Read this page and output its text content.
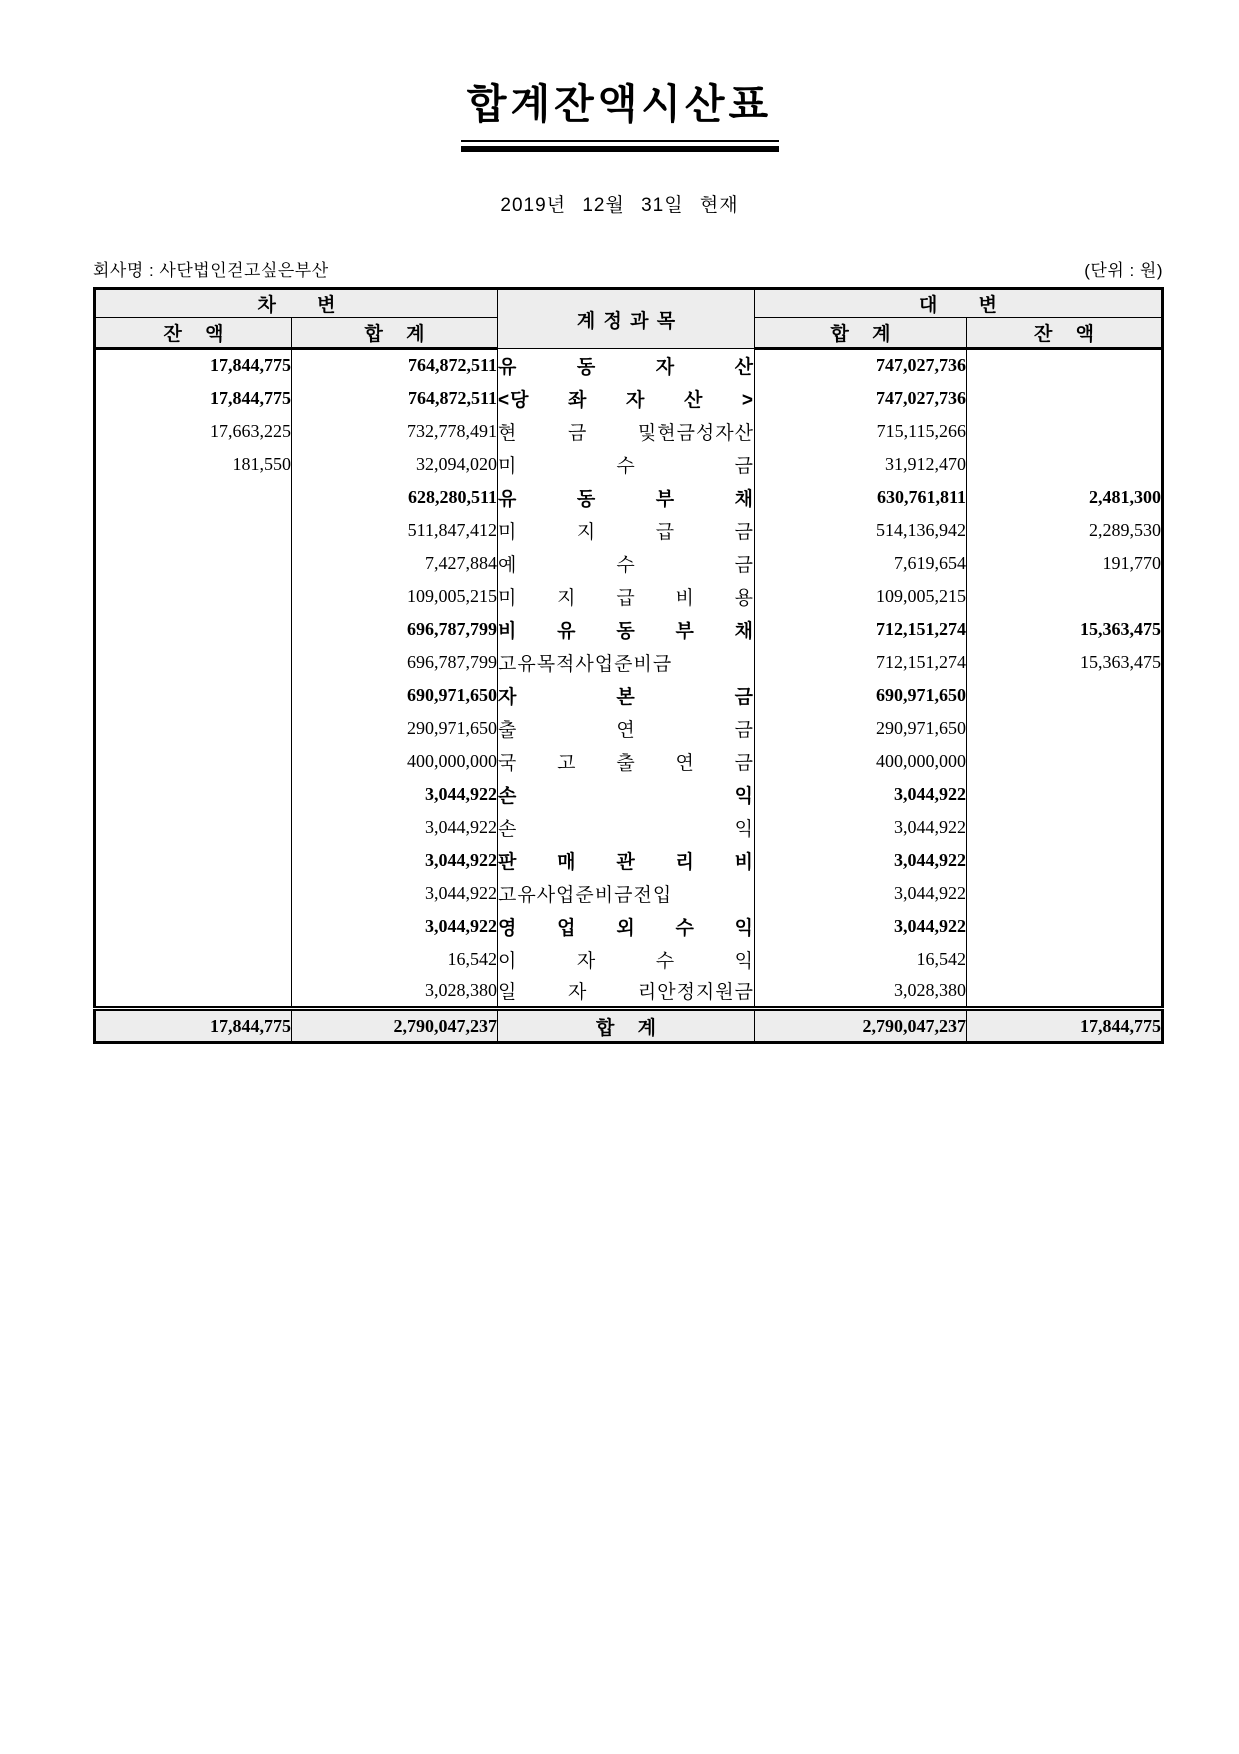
합계잔액시산표
2019년 12월 31일 현재
회사명 : 사단법인걷고싶은부산	(단위 : 원)
차 변		계 정 과 목	대 변	
잔 액	합 계		합 계	잔 액
17,844,775	764,872,511	유 동 자 산	747,027,736	
17,844,775	764,872,511	<당 좌 자 산 >	747,027,736	
17,663,225	732,778,491	현 금 및현금성자산	715,115,266	
181,550	32,094,020	미 수 금	31,912,470	
	628,280,511	유 동 부 채	630,761,811	2,481,300
	511,847,412	미 지 급 금	514,136,942	2,289,530
	7,427,884	예 수 금	7,619,654	191,770
	109,005,215	미 지 급 비 용	109,005,215	
	696,787,799	비 유 동 부 채	712,151,274	15,363,475
	696,787,799	고유목적사업준비금	712,151,274	15,363,475
	690,971,650	자 본 금	690,971,650	
	290,971,650	출 연 금	290,971,650	
	400,000,000	국 고 출 연 금	400,000,000	
	3,044,922	손 익	3,044,922	
	3,044,922	손 익	3,044,922	
	3,044,922	판 매 관 리 비	3,044,922	
	3,044,922	고유사업준비금전입	3,044,922	
	3,044,922	영 업 외 수 익	3,044,922	
	16,542	이 자 수 익	16,542	
	3,028,380	일 자 리안정지원금	3,028,380	
17,844,775	2,790,047,237	합 계	2,790,047,237	17,844,775
